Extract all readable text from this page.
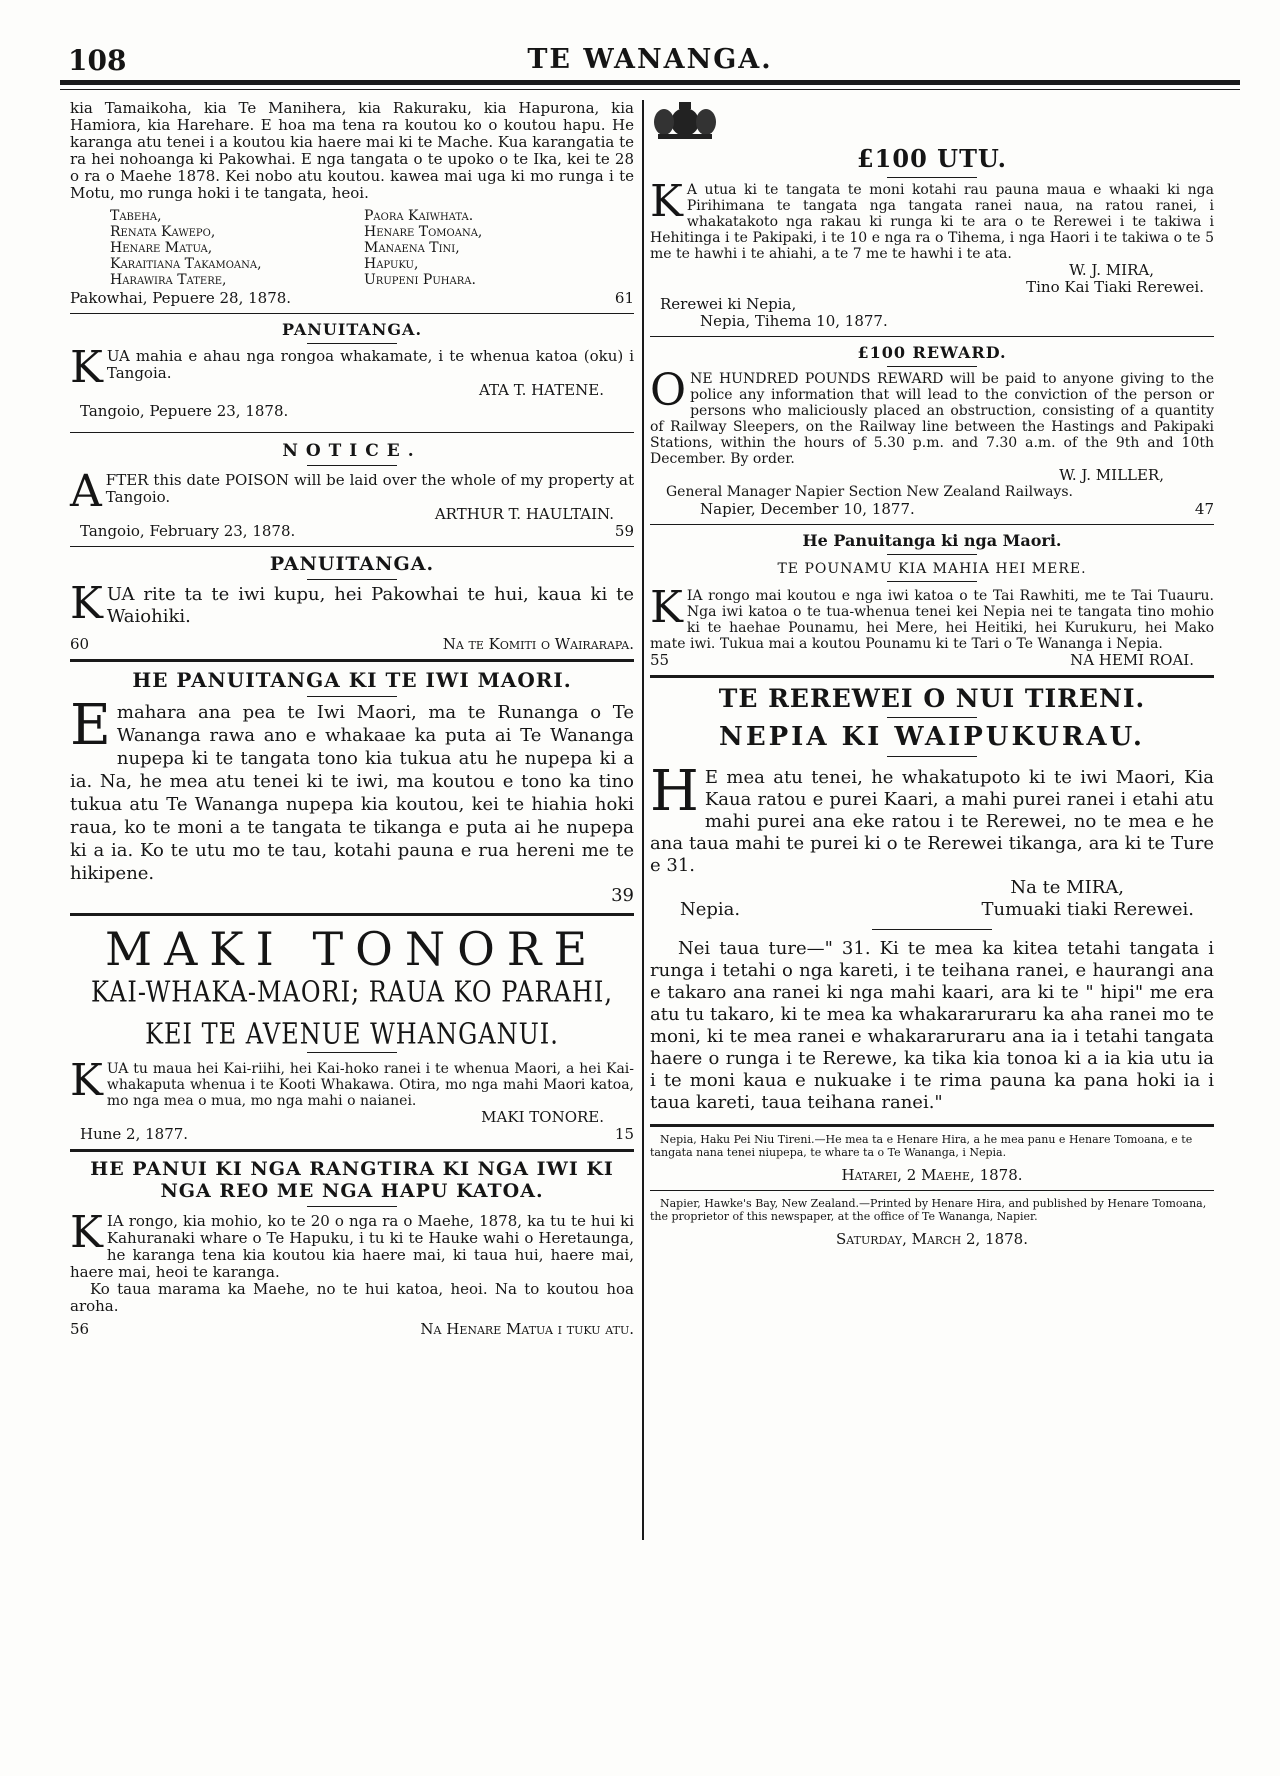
108	TE WANANGA.

kia Tamaikoha, kia Te Manihera, kia Rakuraku, kia Hapurona, kia Hamiora, kia Harehare. E hoa ma tena ra koutou ko o koutou hapu. He karanga atu tenei i a koutou kia haere mai ki te Mache. Kua karangatia te ra hei nohoanga ki Pakowhai. E nga tangata o te upoko o te Ika, kei te 28 o ra o Maehe 1878. Kei nobo atu koutou. kawea mai uga ki mo runga i te Motu, mo runga hoki i te tangata, heoi.

Tabeha,	Paora Kaiwhata.
Renata Kawepo,	Henare Tomoana,
Henare Matua,	Manaena Tini,
Karaitiana Takamoana,	Hapuku,
Harawira Tatere,	Urupeni Puhara.
Pakowhai, Pepuere 28, 1878.	61
PANUITANGA.

KUA mahia e ahau nga rongoa whakamate, i te whenua katoa (oku) i Tangoia.

ATA T. HATENE.

Tangoio, Pepuere 23, 1878.

NOTICE.

AFTER this date POISON will be laid over the whole of my property at Tangoio.

ARTHUR T. HAULTAIN.

Tangoio, February 23, 1878.	59
PANUITANGA.

KUA rite ta te iwi kupu, hei Pakowhai te hui, kaua ki te Waiohiki.

60	Na te Komiti o Wairarapa.
HE PANUITANGA KI TE IWI MAORI.

Emahara ana pea te Iwi Maori, ma te Runanga o Te Wananga rawa ano e whakaae ka puta ai Te Wananga nupepa ki te tangata tono kia tukua atu he nupepa ki a ia. Na, he mea atu tenei ki te iwi, ma koutou e tono ka tino tukua atu Te Wananga nupepa kia koutou, kei te hiahia hoki raua, ko te moni a te tangata te tikanga e puta ai he nupepa ki a ia. Ko te utu mo te tau, kotahi pauna e rua hereni me te hikipene.

39

MAKI TONORE
KAI-WHAKA-MAORI; RAUA KO PARAHI,
KEI TE AVENUE WHANGANUI.

KUA tu maua hei Kai-riihi, hei Kai-hoko ranei i te whenua Maori, a hei Kai-whakaputa whenua i te Kooti Whakawa. Otira, mo nga mahi Maori katoa, mo nga mea o mua, mo nga mahi o naianei.

MAKI TONORE.

Hune 2, 1877.	15
HE PANUI KI NGA RANGTIRA KI NGA IWI KI NGA REO ME NGA HAPU KATOA.

KIA rongo, kia mohio, ko te 20 o nga ra o Maehe, 1878, ka tu te hui ki Kahuranaki whare o Te Hapuku, i tu ki te Hauke wahi o Heretaunga, he karanga tena kia koutou kia haere mai, ki taua hui, haere mai, haere mai, heoi te karanga.

Ko taua marama ka Maehe, no te hui katoa, heoi. Na to koutou hoa aroha.

56	Na Henare Matua i tuku atu.
£100 UTU.

K A utua ki te tangata te moni kotahi rau pauna maua e whaaki ki nga Pirihimana te tangata nga tangata ranei naua, na ratou ranei, i whakatakoto nga rakau ki runga ki te ara o te Rerewei i te takiwa i Hehitinga i te Pakipaki, i te 10 e nga ra o Tihema, i nga Haori i te takiwa o te 5 me te hawhi i te ahiahi, a te 7 me te hawhi i te ata.

W. J. MIRA,

Tino Kai Tiaki Rerewei.

Rerewei ki Nepia,

Nepia, Tihema 10, 1877.

£100 REWARD.

ONE HUNDRED POUNDS REWARD will be paid to anyone giving to the police any information that will lead to the conviction of the person or persons who maliciously placed an obstruction, consisting of a quantity of Railway Sleepers, on the Railway line between the Hastings and Pakipaki Stations, within the hours of 5.30 p.m. and 7.30 a.m. of the 9th and 10th December. By order.

W. J. MILLER,

General Manager Napier Section New Zealand Railways.

Napier, December 10, 1877.	47
He Panuitanga ki nga Maori.
TE POUNAMU KIA MAHIA HEI MERE.

KIA rongo mai koutou e nga iwi katoa o te Tai Rawhiti, me te Tai Tuauru. Nga iwi katoa o te tua-whenua tenei kei Nepia nei te tangata tino mohio ki te haehae Pounamu, hei Mere, hei Heitiki, hei Kurukuru, hei Mako mate iwi. Tukua mai a koutou Pounamu ki te Tari o Te Wananga i Nepia.

55	NA HEMI ROAI.
TE REREWEI O NUI TIRENI.
NEPIA KI WAIPUKURAU.

H E mea atu tenei, he whakatupoto ki te iwi Maori, Kia Kaua ratou e purei Kaari, a mahi purei ranei i etahi atu mahi purei ana eke ratou i te Rerewei, no te mea e he ana taua mahi te purei ki o te Rerewei tikanga, ara ki te Ture e 31.

Na te MIRA,

Nepia.	Tumuaki tiaki Rerewei.

Nei taua ture—" 31. Ki te mea ka kitea tetahi tangata i runga i tetahi o nga kareti, i te teihana ranei, e haurangi ana e takaro ana ranei ki nga mahi kaari, ara ki te " hipi" me era atu tu takaro, ki te mea ka whakararuraru ka aha ranei mo te moni, ki te mea ranei e whakararuraru ana ia i tetahi tangata haere o runga i te Rerewe, ka tika kia tonoa ki a ia kia utu ia i te moni kaua e nukuake i te rima pauna ka pana hoki ia i taua kareti, taua teihana ranei."

Nepia, Haku Pei Niu Tireni.—He mea ta e Henare Hira, a he mea panu e Henare Tomoana, e te tangata nana tenei niupepa, te whare ta o Te Wananga, i Nepia.

Hatarei, 2 Maehe, 1878.

Napier, Hawke's Bay, New Zealand.—Printed by Henare Hira, and published by Henare Tomoana, the proprietor of this newspaper, at the office of Te Wananga, Napier.

Saturday, March 2, 1878.
